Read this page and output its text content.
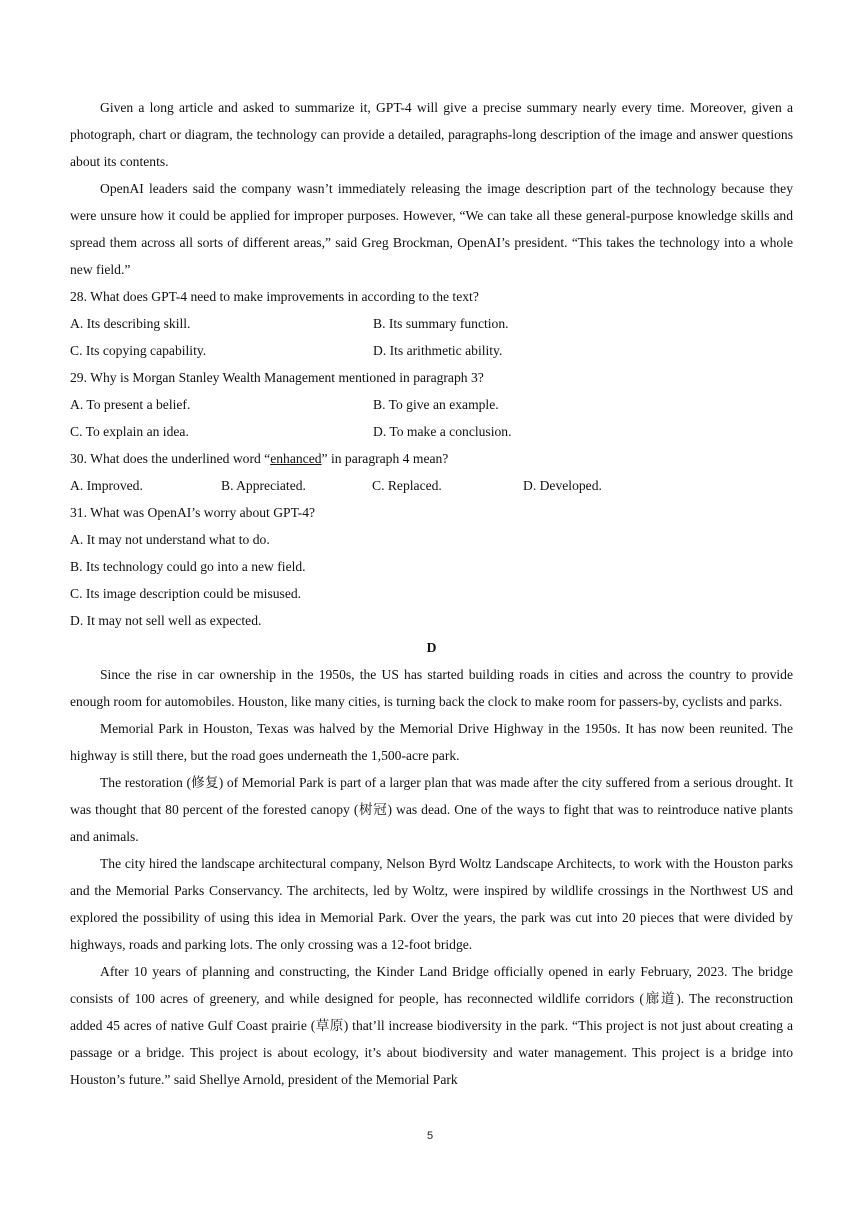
Given a long article and asked to summarize it, GPT-4 will give a precise summary nearly every time. Moreover, given a photograph, chart or diagram, the technology can provide a detailed, paragraphs-long description of the image and answer questions about its contents.

OpenAI leaders said the company wasn’t immediately releasing the image description part of the technology because they were unsure how it could be applied for improper purposes. However, “We can take all these general-purpose knowledge skills and spread them across all sorts of different areas,” said Greg Brockman, OpenAI’s president. “This takes the technology into a whole new field.”

28. What does GPT-4 need to make improvements in according to the text?

A. Its describing skill.	B. Its summary function.
C. Its copying capability.	D. Its arithmetic ability.

29. Why is Morgan Stanley Wealth Management mentioned in paragraph 3?

A. To present a belief.	B. To give an example.
C. To explain an idea.	D. To make a conclusion.

30. What does the underlined word “enhanced” in paragraph 4 mean?

A. Improved.	B. Appreciated.	C. Replaced.	D. Developed.

31. What was OpenAI’s worry about GPT-4?

A. It may not understand what to do.

B. Its technology could go into a new field.

C. Its image description could be misused.

D. It may not sell well as expected.

D

Since the rise in car ownership in the 1950s, the US has started building roads in cities and across the country to provide enough room for automobiles. Houston, like many cities, is turning back the clock to make room for passers-by, cyclists and parks.

Memorial Park in Houston, Texas was halved by the Memorial Drive Highway in the 1950s. It has now been reunited. The highway is still there, but the road goes underneath the 1,500-acre park.

The restoration (修复) of Memorial Park is part of a larger plan that was made after the city suffered from a serious drought. It was thought that 80 percent of the forested canopy (树冠) was dead. One of the ways to fight that was to reintroduce native plants and animals.

The city hired the landscape architectural company, Nelson Byrd Woltz Landscape Architects, to work with the Houston parks and the Memorial Parks Conservancy. The architects, led by Woltz, were inspired by wildlife crossings in the Northwest US and explored the possibility of using this idea in Memorial Park. Over the years, the park was cut into 20 pieces that were divided by highways, roads and parking lots. The only crossing was a 12-foot bridge.

After 10 years of planning and constructing, the Kinder Land Bridge officially opened in early February, 2023. The bridge consists of 100 acres of greenery, and while designed for people, has reconnected wildlife corridors (廊道). The reconstruction added 45 acres of native Gulf Coast prairie (草原) that’ll increase biodiversity in the park. “This project is not just about creating a passage or a bridge. This project is about ecology, it’s about biodiversity and water management. This project is a bridge into Houston’s future.” said Shellye Arnold, president of the Memorial Park

5
